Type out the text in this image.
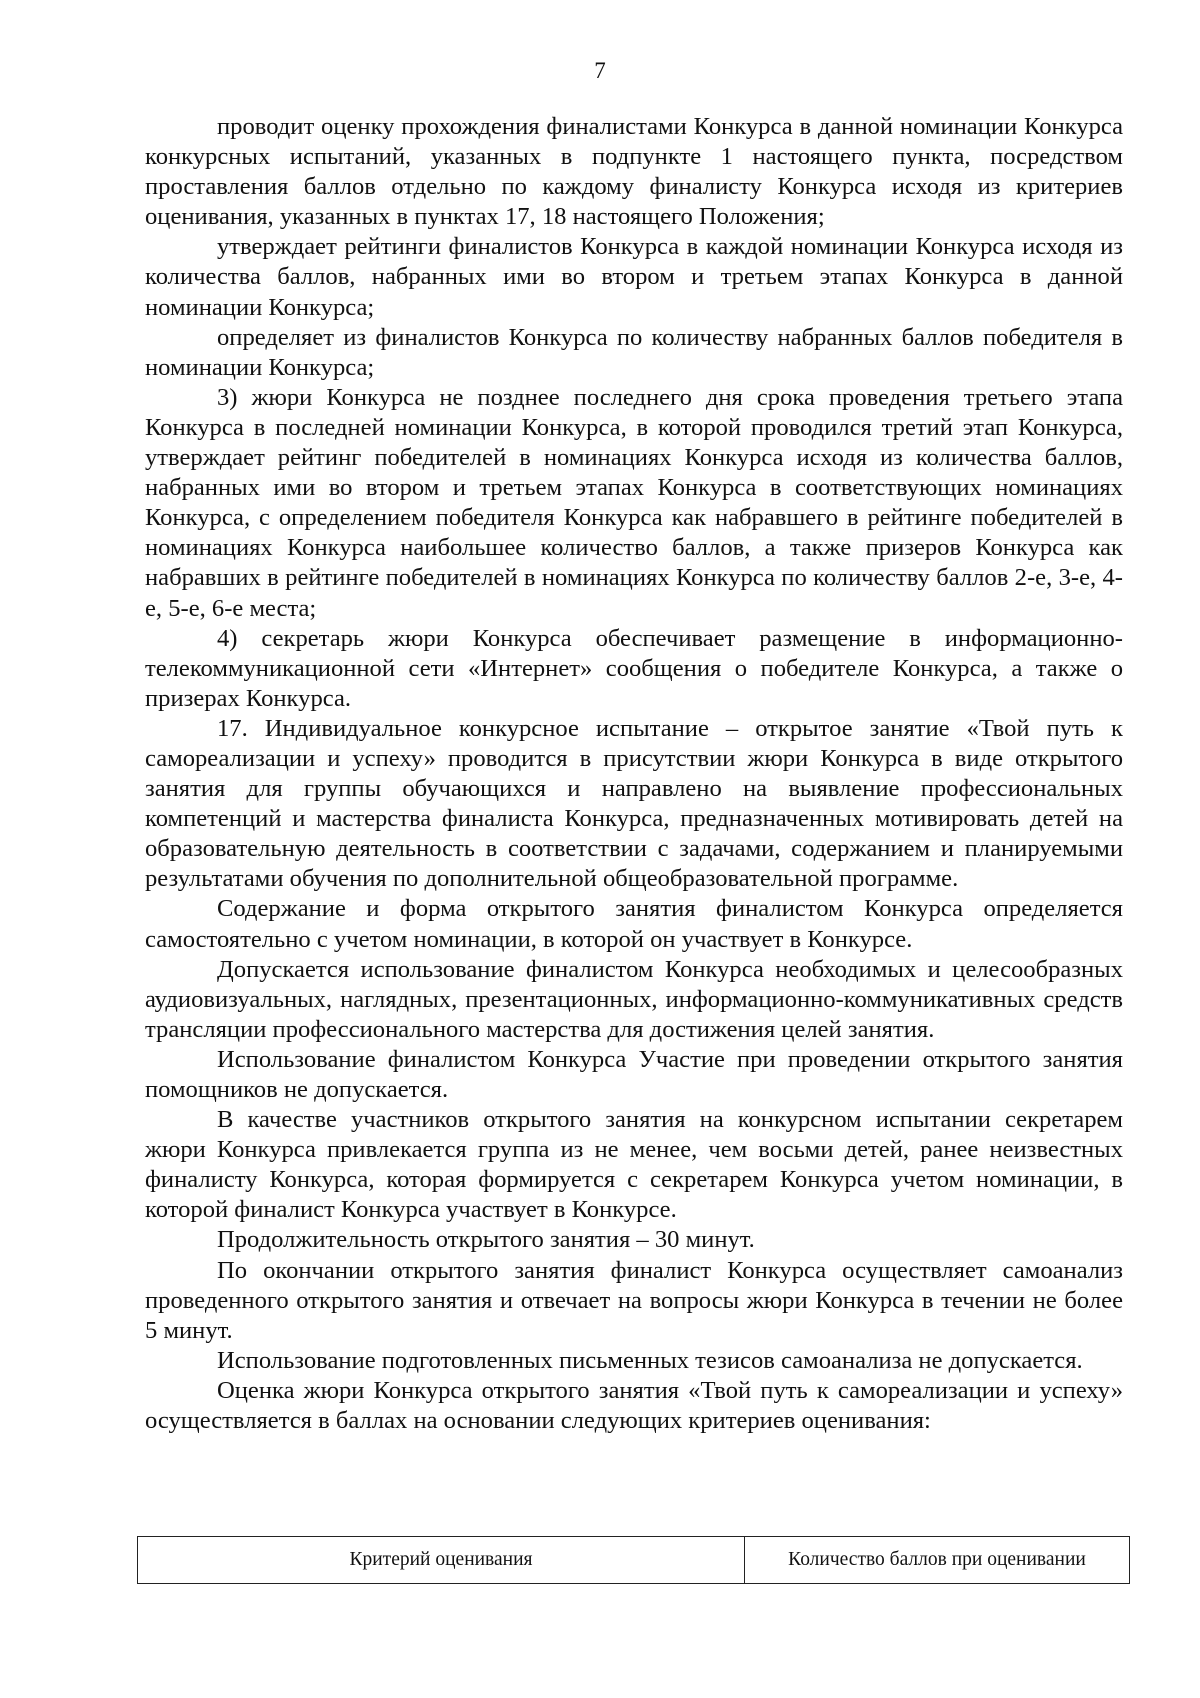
7

проводит оценку прохождения финалистами Конкурса в данной номинации Конкурса конкурсных испытаний, указанных в подпункте 1 настоящего пункта, посредством проставления баллов отдельно по каждому финалисту Конкурса исходя из критериев оценивания, указанных в пунктах 17, 18 настоящего Положения;

утверждает рейтинги финалистов Конкурса в каждой номинации Конкурса исходя из количества баллов, набранных ими во втором и третьем этапах Конкурса в данной номинации Конкурса;

определяет из финалистов Конкурса по количеству набранных баллов победителя в номинации Конкурса;

3) жюри Конкурса не позднее последнего дня срока проведения третьего этапа Конкурса в последней номинации Конкурса, в которой проводился третий этап Конкурса, утверждает рейтинг победителей в номинациях Конкурса исходя из количества баллов, набранных ими во втором и третьем этапах Конкурса в соответствующих номинациях Конкурса, с определением победителя Конкурса как набравшего в рейтинге победителей в номинациях Конкурса наибольшее количество баллов, а также призеров Конкурса как набравших в рейтинге победителей в номинациях Конкурса по количеству баллов 2-е, 3-е, 4-е, 5-е, 6-е места;

4) секретарь жюри Конкурса обеспечивает размещение в информационно-телекоммуникационной сети «Интернет» сообщения о победителе Конкурса, а также о призерах Конкурса.

17. Индивидуальное конкурсное испытание – открытое занятие «Твой путь к самореализации и успеху» проводится в присутствии жюри Конкурса в виде открытого занятия для группы обучающихся и направлено на выявление профессиональных компетенций и мастерства финалиста Конкурса, предназначенных мотивировать детей на образовательную деятельность в соответствии с задачами, содержанием и планируемыми результатами обучения по дополнительной общеобразовательной программе.

Содержание и форма открытого занятия финалистом Конкурса определяется самостоятельно с учетом номинации, в которой он участвует в Конкурсе.

Допускается использование финалистом Конкурса необходимых и целесообразных аудиовизуальных, наглядных, презентационных, информационно-коммуникативных средств трансляции профессионального мастерства для достижения целей занятия.

Использование финалистом Конкурса Участие при проведении открытого занятия помощников не допускается.

В качестве участников открытого занятия на конкурсном испытании секретарем жюри Конкурса привлекается группа из не менее, чем восьми детей, ранее неизвестных финалисту Конкурса, которая формируется с секретарем Конкурса учетом номинации, в которой финалист Конкурса участвует в Конкурсе.

Продолжительность открытого занятия – 30 минут.

По окончании открытого занятия финалист Конкурса осуществляет самоанализ проведенного открытого занятия и отвечает на вопросы жюри Конкурса в течении не более 5 минут.

Использование подготовленных письменных тезисов самоанализа не допускается.

Оценка жюри Конкурса открытого занятия «Твой путь к самореализации и успеху» осуществляется в баллах на основании следующих критериев оценивания:

Критерий оценивания	Количество баллов при оценивании
